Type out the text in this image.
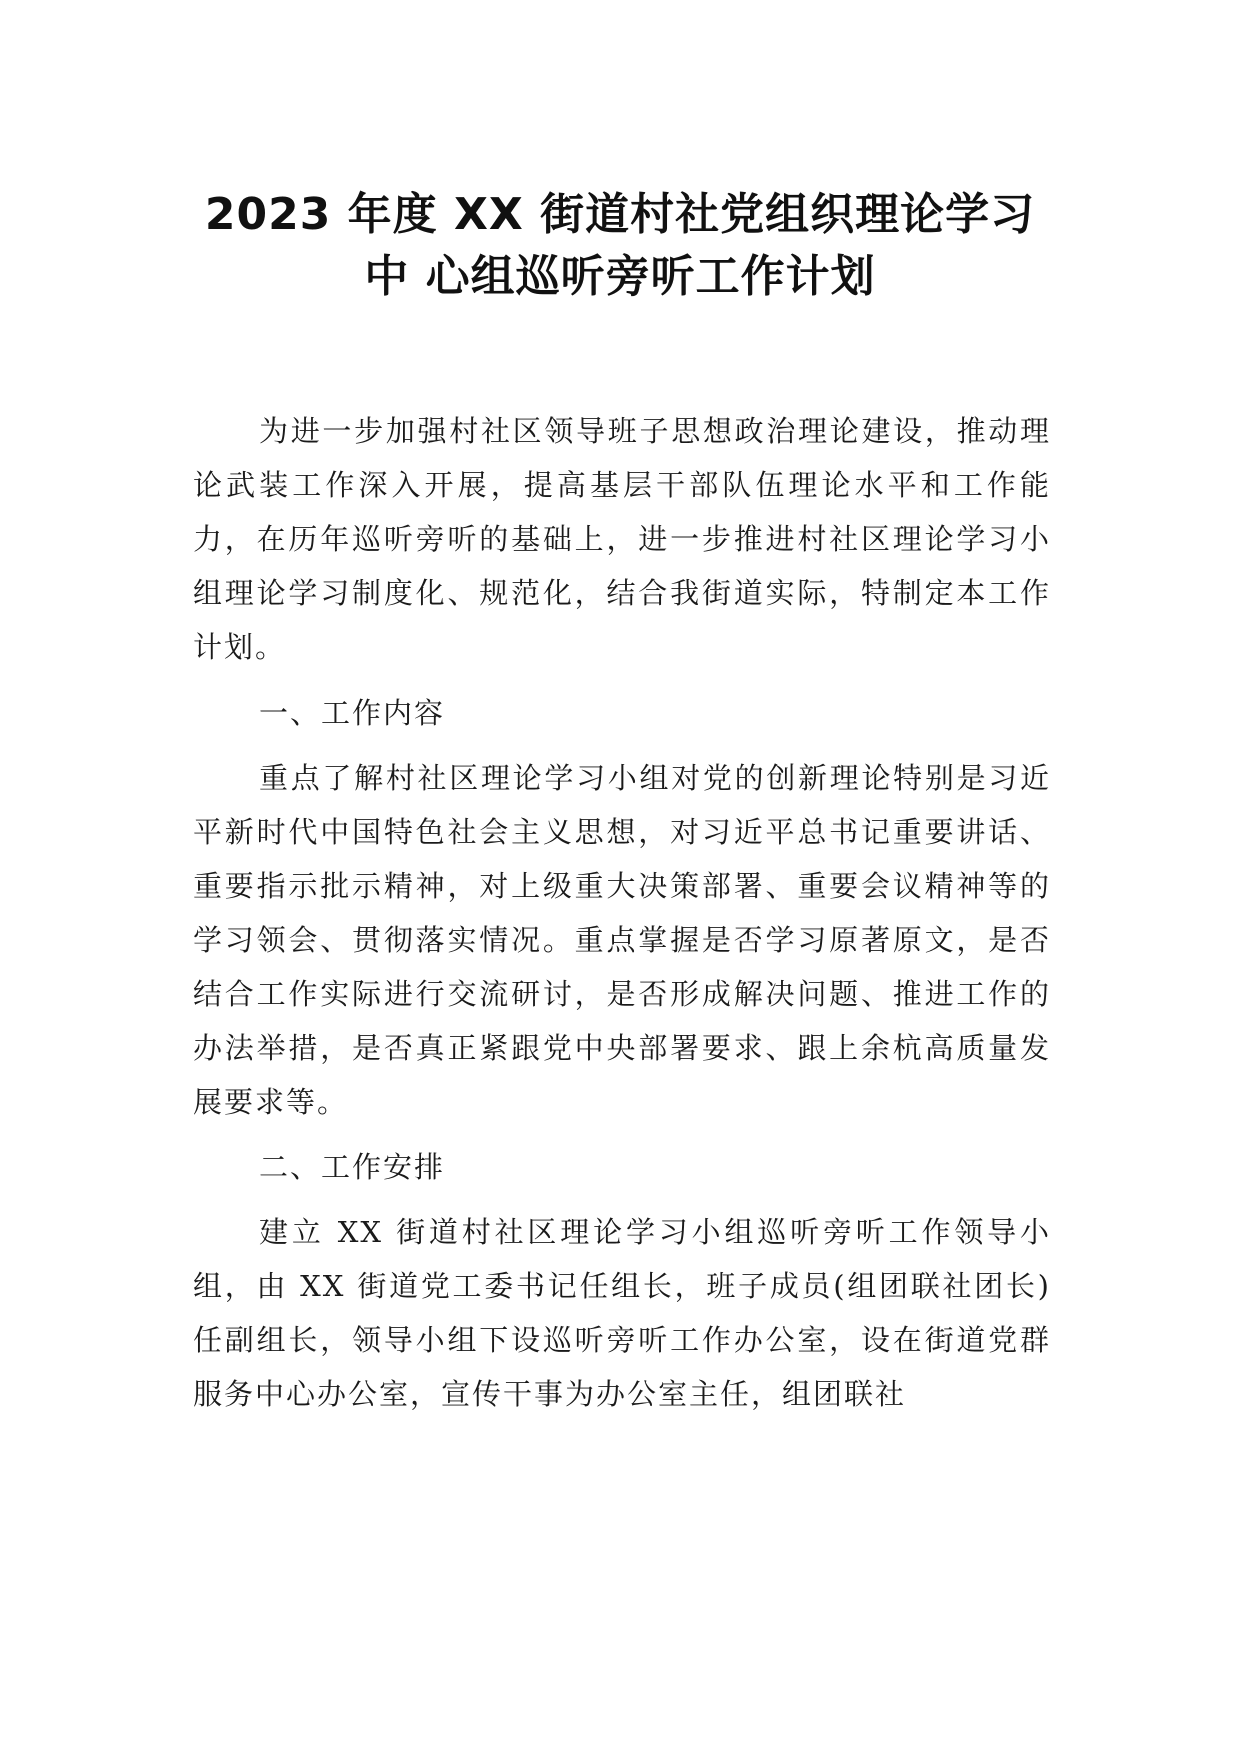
2023 年度 XX 街道村社党组织理论学习
中 心组巡听旁听工作计划

为进一步加强村社区领导班子思想政治理论建设，推动理论武装工作深入开展，提高基层干部队伍理论水平和工作能力，在历年巡听旁听的基础上，进一步推进村社区理论学习小组理论学习制度化、规范化，结合我街道实际，特制定本工作计划。

一、工作内容

重点了解村社区理论学习小组对党的创新理论特别是习近平新时代中国特色社会主义思想，对习近平总书记重要讲话、重要指示批示精神，对上级重大决策部署、重要会议精神等的学习领会、贯彻落实情况。重点掌握是否学习原著原文，是否结合工作实际进行交流研讨，是否形成解决问题、推进工作的办法举措，是否真正紧跟党中央部署要求、跟上余杭高质量发展要求等。

二、工作安排

建立 XX 街道村社区理论学习小组巡听旁听工作领导小组，由 XX 街道党工委书记任组长，班子成员(组团联社团长)任副组长，领导小组下设巡听旁听工作办公室，设在街道党群服务中心办公室，宣传干事为办公室主任，组团联社
